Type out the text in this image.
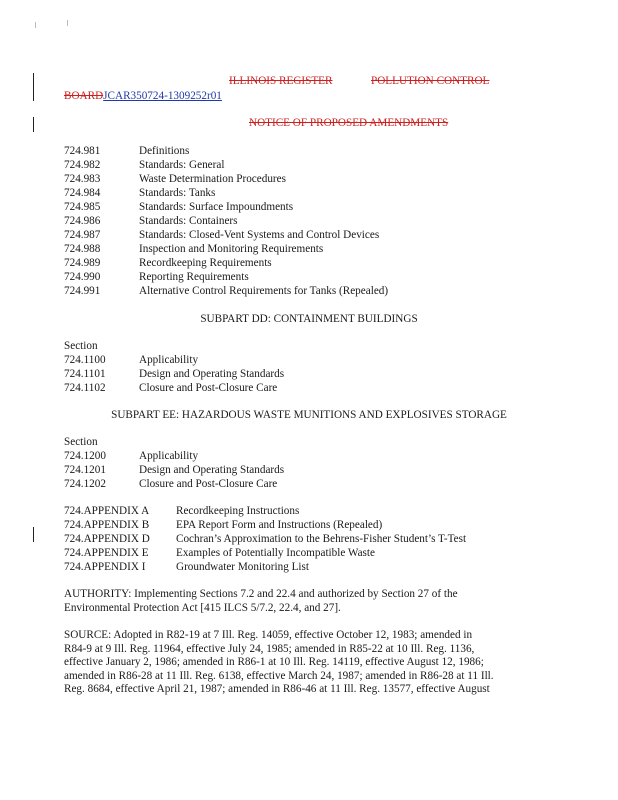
ILLINOIS REGISTER	POLLUTION CONTROL
BOARDJCAR350724-1309252r01
NOTICE OF PROPOSED AMENDMENTS
724.981	Definitions
724.982	Standards: General
724.983	Waste Determination Procedures
724.984	Standards: Tanks
724.985	Standards: Surface Impoundments
724.986	Standards: Containers
724.987	Standards: Closed-Vent Systems and Control Devices
724.988	Inspection and Monitoring Requirements
724.989	Recordkeeping Requirements
724.990	Reporting Requirements
724.991	Alternative Control Requirements for Tanks (Repealed)
SUBPART DD: CONTAINMENT BUILDINGS
Section
724.1100	Applicability
724.1101	Design and Operating Standards
724.1102	Closure and Post-Closure Care
SUBPART EE: HAZARDOUS WASTE MUNITIONS AND EXPLOSIVES STORAGE
Section
724.1200	Applicability
724.1201	Design and Operating Standards
724.1202	Closure and Post-Closure Care
724.APPENDIX A Recordkeeping Instructions
724.APPENDIX B EPA Report Form and Instructions (Repealed)
724.APPENDIX D Cochran’s Approximation to the Behrens-Fisher Student’s T-Test
724.APPENDIX E Examples of Potentially Incompatible Waste
724.APPENDIX I	Groundwater Monitoring List
AUTHORITY: Implementing Sections 7.2 and 22.4 and authorized by Section 27 of the
Environmental Protection Act [415 ILCS 5/7.2, 22.4, and 27].
SOURCE: Adopted in R82-19 at 7 Ill. Reg. 14059, effective October 12, 1983; amended in
R84-9 at 9 Ill. Reg. 11964, effective July 24, 1985; amended in R85-22 at 10 Ill. Reg. 1136,
effective January 2, 1986; amended in R86-1 at 10 Ill. Reg. 14119, effective August 12, 1986;
amended in R86-28 at 11 Ill. Reg. 6138, effective March 24, 1987; amended in R86-28 at 11 Ill.
Reg. 8684, effective April 21, 1987; amended in R86-46 at 11 Ill. Reg. 13577, effective August
